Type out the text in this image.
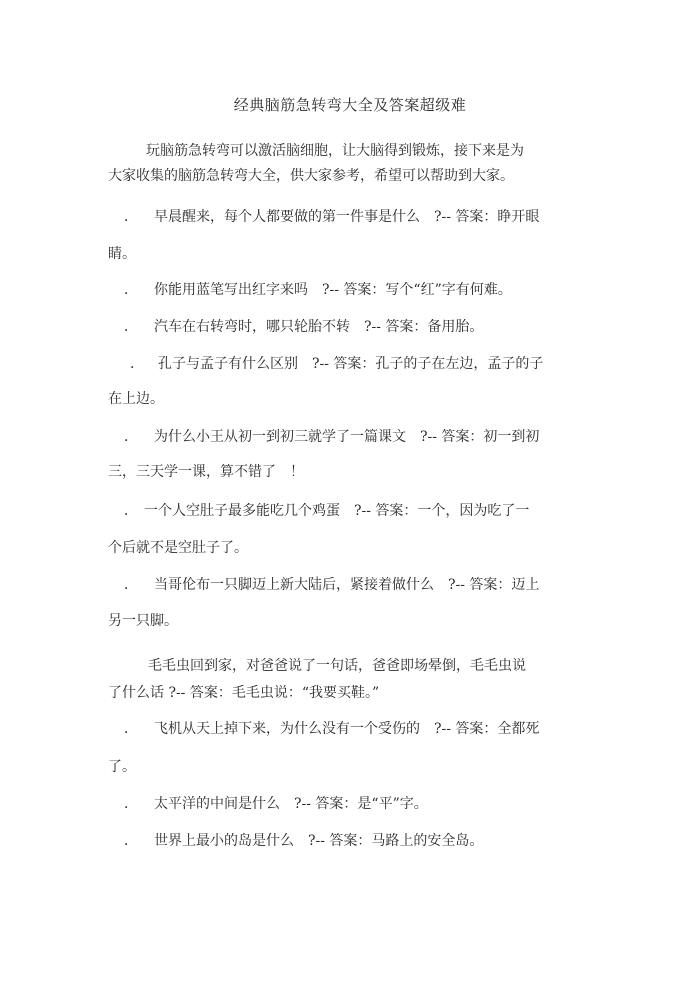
经典脑筋急转弯大全及答案超级难
玩脑筋急转弯可以激活脑细胞，让大脑得到锻炼，接下来是为
大家收集的脑筋急转弯大全，供大家参考，希望可以帮助到大家。
． 早晨醒来，每个人都要做的第一件事是什么　?-- 答案：睁开眼
睛。
． 你能用蓝笔写出红字来吗　?-- 答案：写个“红”字有何难。
． 汽车在右转弯时，哪只轮胎不转　?-- 答案：备用胎。
． 孔子与孟子有什么区别　?-- 答案：孔子的子在左边，孟子的子
在上边。
． 为什么小王从初一到初三就学了一篇课文　?-- 答案：初一到初
三，三天学一课，算不错了　！
． 一个人空肚子最多能吃几个鸡蛋　?-- 答案：一个，因为吃了一
个后就不是空肚子了。
． 当哥伦布一只脚迈上新大陆后，紧接着做什么　?-- 答案：迈上
另一只脚。
毛毛虫回到家，对爸爸说了一句话，爸爸即场晕倒，毛毛虫说
了什么话 ?-- 答案：毛毛虫说：“我要买鞋。”
． 飞机从天上掉下来，为什么没有一个受伤的　?-- 答案：全都死
了。
． 太平洋的中间是什么　?-- 答案：是“平”字。
． 世界上最小的岛是什么　?-- 答案：马路上的安全岛。
